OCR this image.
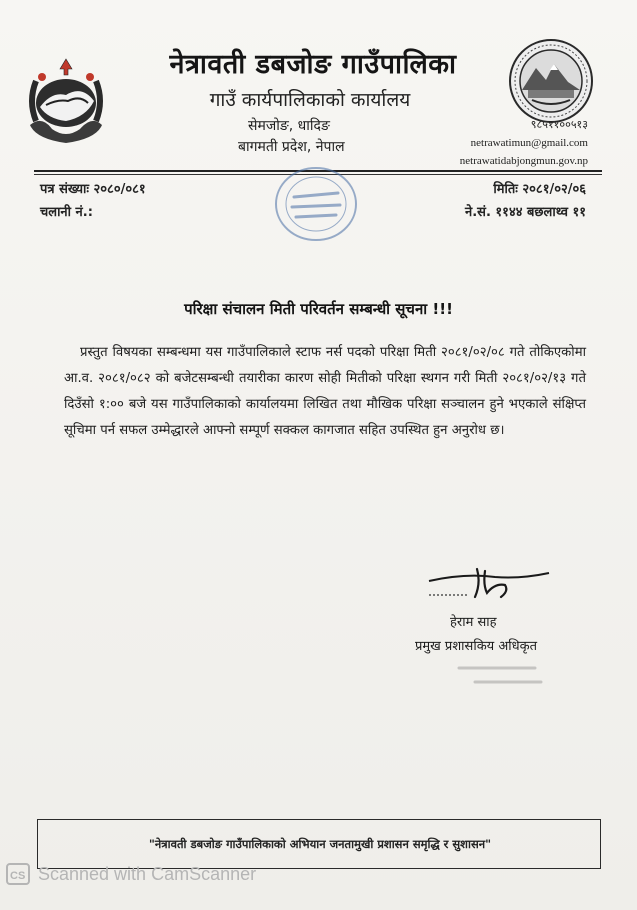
नेत्रावती डबजोङ गाउँपालिका
गाउँ कार्यपालिकाको कार्यालय
सेमजोङ, धादिङ
बागमती प्रदेश, नेपाल
९८५११००५१३
netrawatimun@gmail.com
netrawatidabjongmun.gov.np
पत्र संख्याः २०८०/०८१
चलानी नं.:
मितिः २०८१/०२/०६
ने.सं. ११४४ बछलाथ्व ११
परिक्षा संचालन मिती परिवर्तन सम्बन्धी सूचना !!!
प्रस्तुत विषयका सम्बन्धमा यस गाउँपालिकाले स्टाफ नर्स पदको परिक्षा मिती २०८१/०२/०८ गते तोकिएकोमा आ.व. २०८१/०८२ को बजेटसम्बन्धी तयारीका कारण सोही मितीको परिक्षा स्थगन गरी मिती २०८१/०२/१३ गते दिउँसो १:०० बजे यस गाउँपालिकाको कार्यालयमा लिखित तथा मौखिक परिक्षा सञ्चालन हुने भएकाले संक्षिप्त सूचिमा पर्न सफल उम्मेद्धारले आफ्नो सम्पूर्ण सक्कल कागजात सहित उपस्थित हुन अनुरोध छ।
हेराम साह
प्रमुख प्रशासकिय अधिकृत
"नेत्रावती डबजोङ गाउँपालिकाको अभियान जनतामुखी प्रशासन समृद्धि र सुशासन"
CS Scanned with CamScanner
